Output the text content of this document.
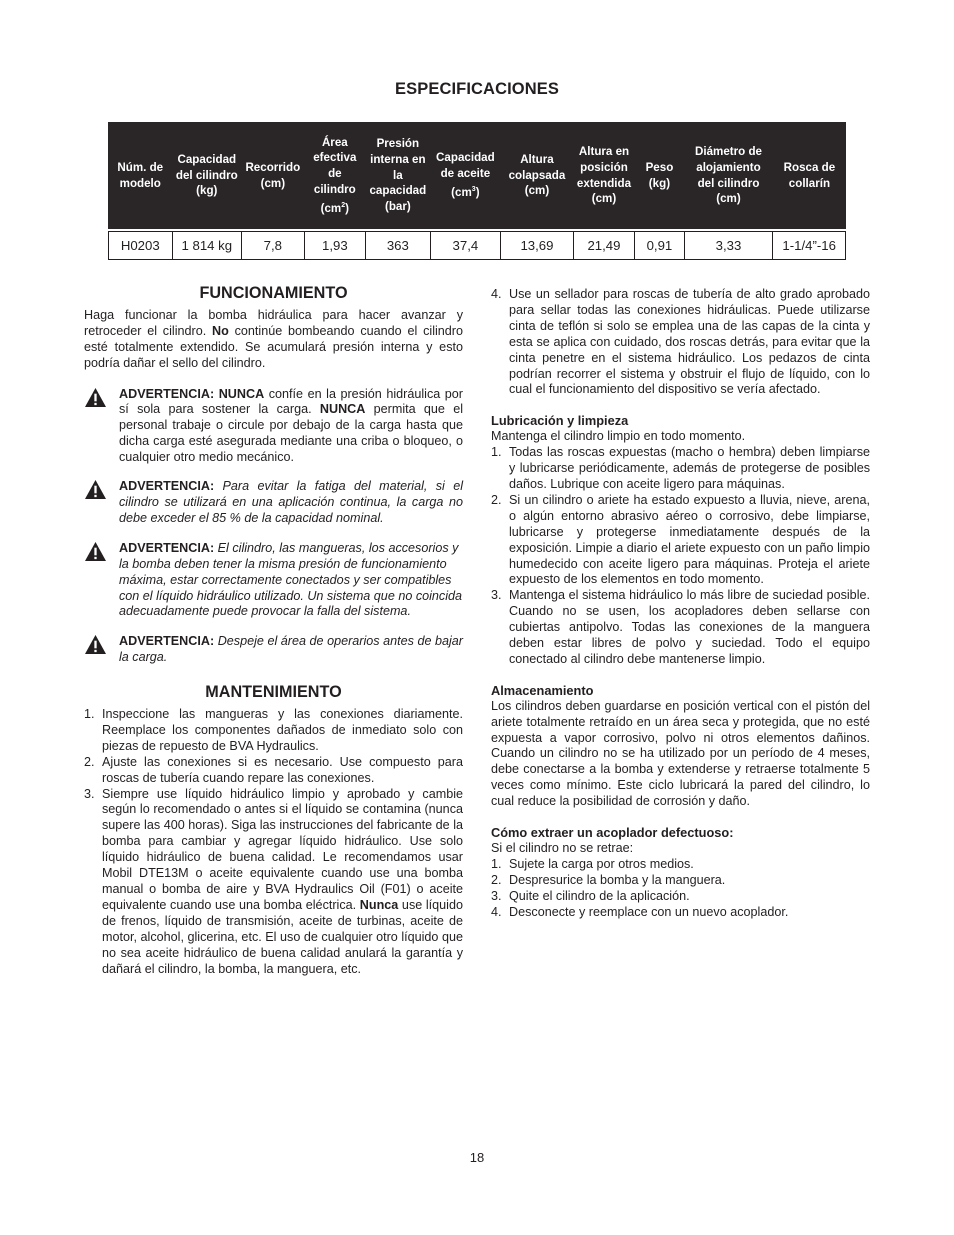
ESPECIFICACIONES
Núm. de modelo	Capacidad del cilindro (kg)	Recorrido (cm)	Área efectiva de cilindro $(cm^2)$	Presión interna en la capacidad (bar)	Capacidad de aceite $(cm^3)$	Altura colapsada (cm)	Altura en posición extendida (cm)	Peso (kg)	Diámetro de alojamiento del cilindro (cm)	Rosca de collarín

H0203	1 814 kg	7,8	1,93	363	37,4	13,69	21,49	0,91	3,33	1-1/4”-16

FUNCIONAMIENTO

Haga funcionar la bomba hidráulica para hacer avanzar y retroceder el cilindro. No continúe bombeando cuando el cilindro esté totalmente extendido. Se acumulará presión interna y esto podría dañar el sello del cilindro.

ADVERTENCIA: NUNCA confíe en la presión hidráulica por sí sola para sostener la carga. NUNCA permita que el personal trabaje o circule por debajo de la carga hasta que dicha carga esté asegurada mediante una criba o bloqueo, o cualquier otro medio mecánico.

ADVERTENCIA: Para evitar la fatiga del material, si el cilindro se utilizará en una aplicación continua, la carga no debe exceder el 85 % de la capacidad nominal.

ADVERTENCIA: El cilindro, las mangueras, los accesorios y la bomba deben tener la misma presión de funcionamiento máxima, estar correctamente conectados y ser compatibles con el líquido hidráulico utilizado. Un sistema que no coincida adecuadamente puede provocar la falla del sistema.

ADVERTENCIA: Despeje el área de operarios antes de bajar la carga.

MANTENIMIENTO

1. Inspeccione las mangueras y las conexiones diariamente. Reemplace los componentes dañados de inmediato solo con piezas de repuesto de BVA Hydraulics.
2. Ajuste las conexiones si es necesario. Use compuesto para roscas de tubería cuando repare las conexiones.
3. Siempre use líquido hidráulico limpio y aprobado y cambie según lo recomendado o antes si el líquido se contamina (nunca supere las 400 horas). Siga las instrucciones del fabricante de la bomba para cambiar y agregar líquido hidráulico. Use solo líquido hidráulico de buena calidad. Le recomendamos usar Mobil DTE13M o aceite equivalente cuando use una bomba manual o bomba de aire y BVA Hydraulics Oil (F01) o aceite equivalente cuando use una bomba eléctrica. Nunca use líquido de frenos, líquido de transmisión, aceite de turbinas, aceite de motor, alcohol, glicerina, etc. El uso de cualquier otro líquido que no sea aceite hidráulico de buena calidad anulará la garantía y dañará el cilindro, la bomba, la manguera, etc.
4. Use un sellador para roscas de tubería de alto grado aprobado para sellar todas las conexiones hidráulicas. Puede utilizarse cinta de teflón si solo se emplea una de las capas de la cinta y esta se aplica con cuidado, dos roscas detrás, para evitar que la cinta penetre en el sistema hidráulico. Los pedazos de cinta podrían recorrer el sistema y obstruir el flujo de líquido, con lo cual el funcionamiento del dispositivo se vería afectado.

Lubricación y limpieza

Mantenga el cilindro limpio en todo momento.

1. Todas las roscas expuestas (macho o hembra) deben limpiarse y lubricarse periódicamente, además de protegerse de posibles daños. Lubrique con aceite ligero para máquinas.
2. Si un cilindro o ariete ha estado expuesto a lluvia, nieve, arena, o algún entorno abrasivo aéreo o corrosivo, debe limpiarse, lubricarse y protegerse inmediatamente después de la exposición. Limpie a diario el ariete expuesto con un paño limpio humedecido con aceite ligero para máquinas. Proteja el ariete expuesto de los elementos en todo momento.
3. Mantenga el sistema hidráulico lo más libre de suciedad posible. Cuando no se usen, los acopladores deben sellarse con cubiertas antipolvo. Todas las conexiones de la manguera deben estar libres de polvo y suciedad. Todo el equipo conectado al cilindro debe mantenerse limpio.

Almacenamiento

Los cilindros deben guardarse en posición vertical con el pistón del ariete totalmente retraído en un área seca y protegida, que no esté expuesta a vapor corrosivo, polvo ni otros elementos dañinos. Cuando un cilindro no se ha utilizado por un período de 4 meses, debe conectarse a la bomba y extenderse y retraerse totalmente 5 veces como mínimo. Este ciclo lubricará la pared del cilindro, lo cual reduce la posibilidad de corrosión y daño.

Cómo extraer un acoplador defectuoso:

Si el cilindro no se retrae:

1. Sujete la carga por otros medios.
2. Despresurice la bomba y la manguera.
3. Quite el cilindro de la aplicación.
4. Desconecte y reemplace con un nuevo acoplador.
18
